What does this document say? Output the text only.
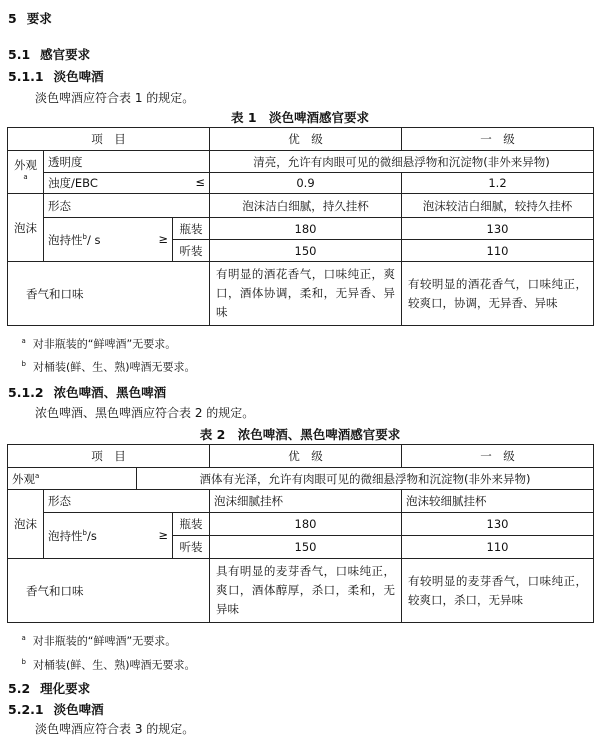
5 要求
5.1 感官要求
5.1.1 淡色啤酒
淡色啤酒应符合表 1 的规定。
表 1　淡色啤酒感官要求
项　目			优　级	一　级
外观$^a$	透明度		清亮，允许有肉眼可见的微细悬浮物和沉淀物(非外来异物)	
	浊度/EBC ≤		0.9	1.2
泡沫	形态		泡沫洁白细腻，持久挂杯	泡沫较洁白细腻，较持久挂杯
	泡持性$^b$/ s ≥	瓶装	180	130
		听装	150	110
香气和口味			有明显的酒花香气，口味纯正，爽口，酒体协调，柔和，无异香、异味	有较明显的酒花香气，口味纯正，较爽口，协调，无异香、异味

$^a$ 对非瓶装的“鲜啤酒”无要求。
$^b$ 对桶装(鲜、生、熟)啤酒无要求。				
5.1.2 浓色啤酒、黑色啤酒
浓色啤酒、黑色啤酒应符合表 2 的规定。
表 2　浓色啤酒、黑色啤酒感官要求
项　目				优　级	一　级
外观$^a$		酒体有光泽，允许有肉眼可见的微细悬浮物和沉淀物(非外来异物)			
泡沫	形态			泡沫细腻挂杯	泡沫较细腻挂杯
	泡持性$^b$/s ≥		瓶装	180	130
			听装	150	110
香气和口味				具有明显的麦芽香气，口味纯正，爽口，酒体醇厚，杀口，柔和，无异味	有较明显的麦芽香气，口味纯正，较爽口，杀口，无异味

$^a$ 对非瓶装的“鲜啤酒”无要求。
$^b$ 对桶装(鲜、生、熟)啤酒无要求。					
5.2 理化要求
5.2.1 淡色啤酒
淡色啤酒应符合表 3 的规定。
